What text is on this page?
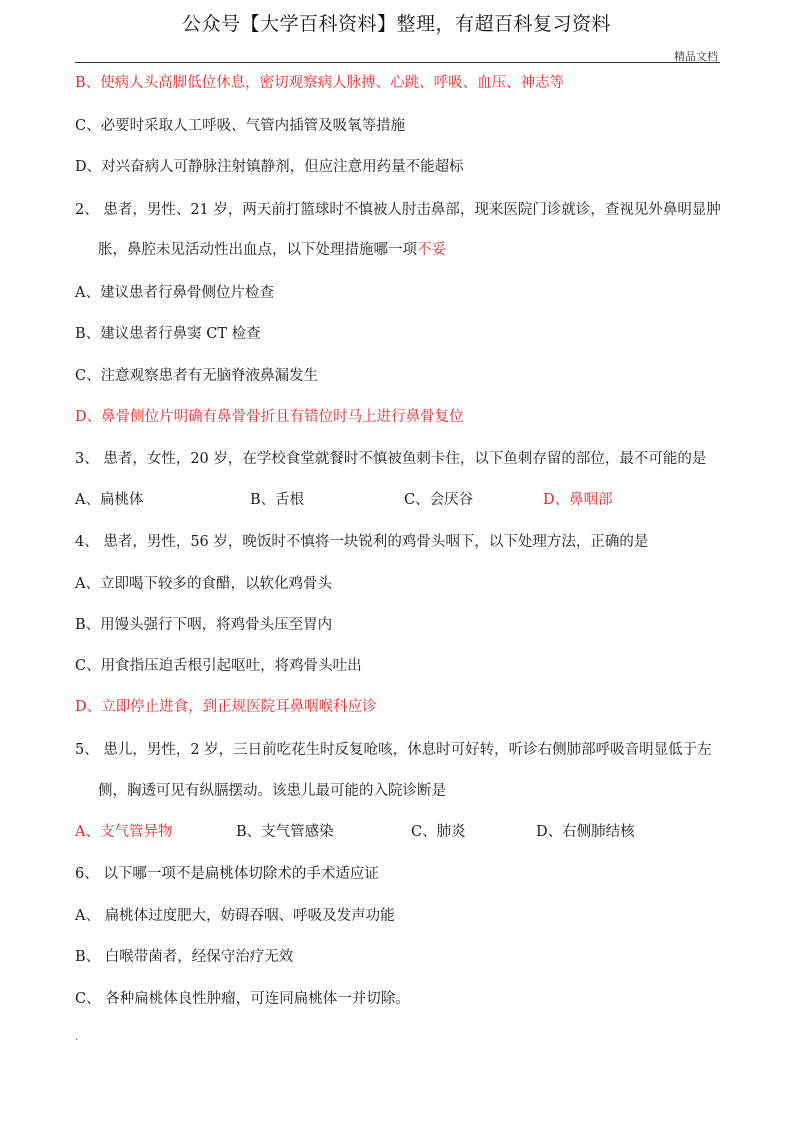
公众号【大学百科资料】整理，有超百科复习资料
精品文档
B、使病人头高脚低位休息，密切观察病人脉搏、心跳、呼吸、血压、神志等
C、必要时采取人工呼吸、气管内插管及吸氧等措施
D、对兴奋病人可静脉注射镇静剂，但应注意用药量不能超标
2、 患者，男性、21 岁，两天前打篮球时不慎被人肘击鼻部，现来医院门诊就诊，查视见外鼻明显肿
胀，鼻腔未见活动性出血点，以下处理措施哪一项不妥
A、建议患者行鼻骨侧位片检查
B、建议患者行鼻窦 CT 检查
C、注意观察患者有无脑脊液鼻漏发生
D、鼻骨侧位片明确有鼻骨骨折且有错位时马上进行鼻骨复位
3、 患者，女性，20 岁，在学校食堂就餐时不慎被鱼刺卡住，以下鱼刺存留的部位，最不可能的是
A、扁桃体	B、舌根	C、会厌谷	D、鼻咽部
4、 患者，男性，56 岁，晚饭时不慎将一块锐利的鸡骨头咽下，以下处理方法，正确的是
A、立即喝下较多的食醋，以软化鸡骨头
B、用馒头强行下咽，将鸡骨头压至胃内
C、用食指压迫舌根引起呕吐，将鸡骨头吐出
D、立即停止进食，到正规医院耳鼻咽喉科应诊
5、 患儿，男性，2 岁，三日前吃花生时反复呛咳，休息时可好转，听诊右侧肺部呼吸音明显低于左
侧，胸透可见有纵膈摆动。该患儿最可能的入院诊断是
A、支气管异物	B、支气管感染	C、肺炎	D、右侧肺结核
6、 以下哪一项不是扁桃体切除术的手术适应证
A、 扁桃体过度肥大，妨碍吞咽、呼吸及发声功能
B、 白喉带菌者，经保守治疗无效
C、 各种扁桃体良性肿瘤，可连同扁桃体一并切除。
.
